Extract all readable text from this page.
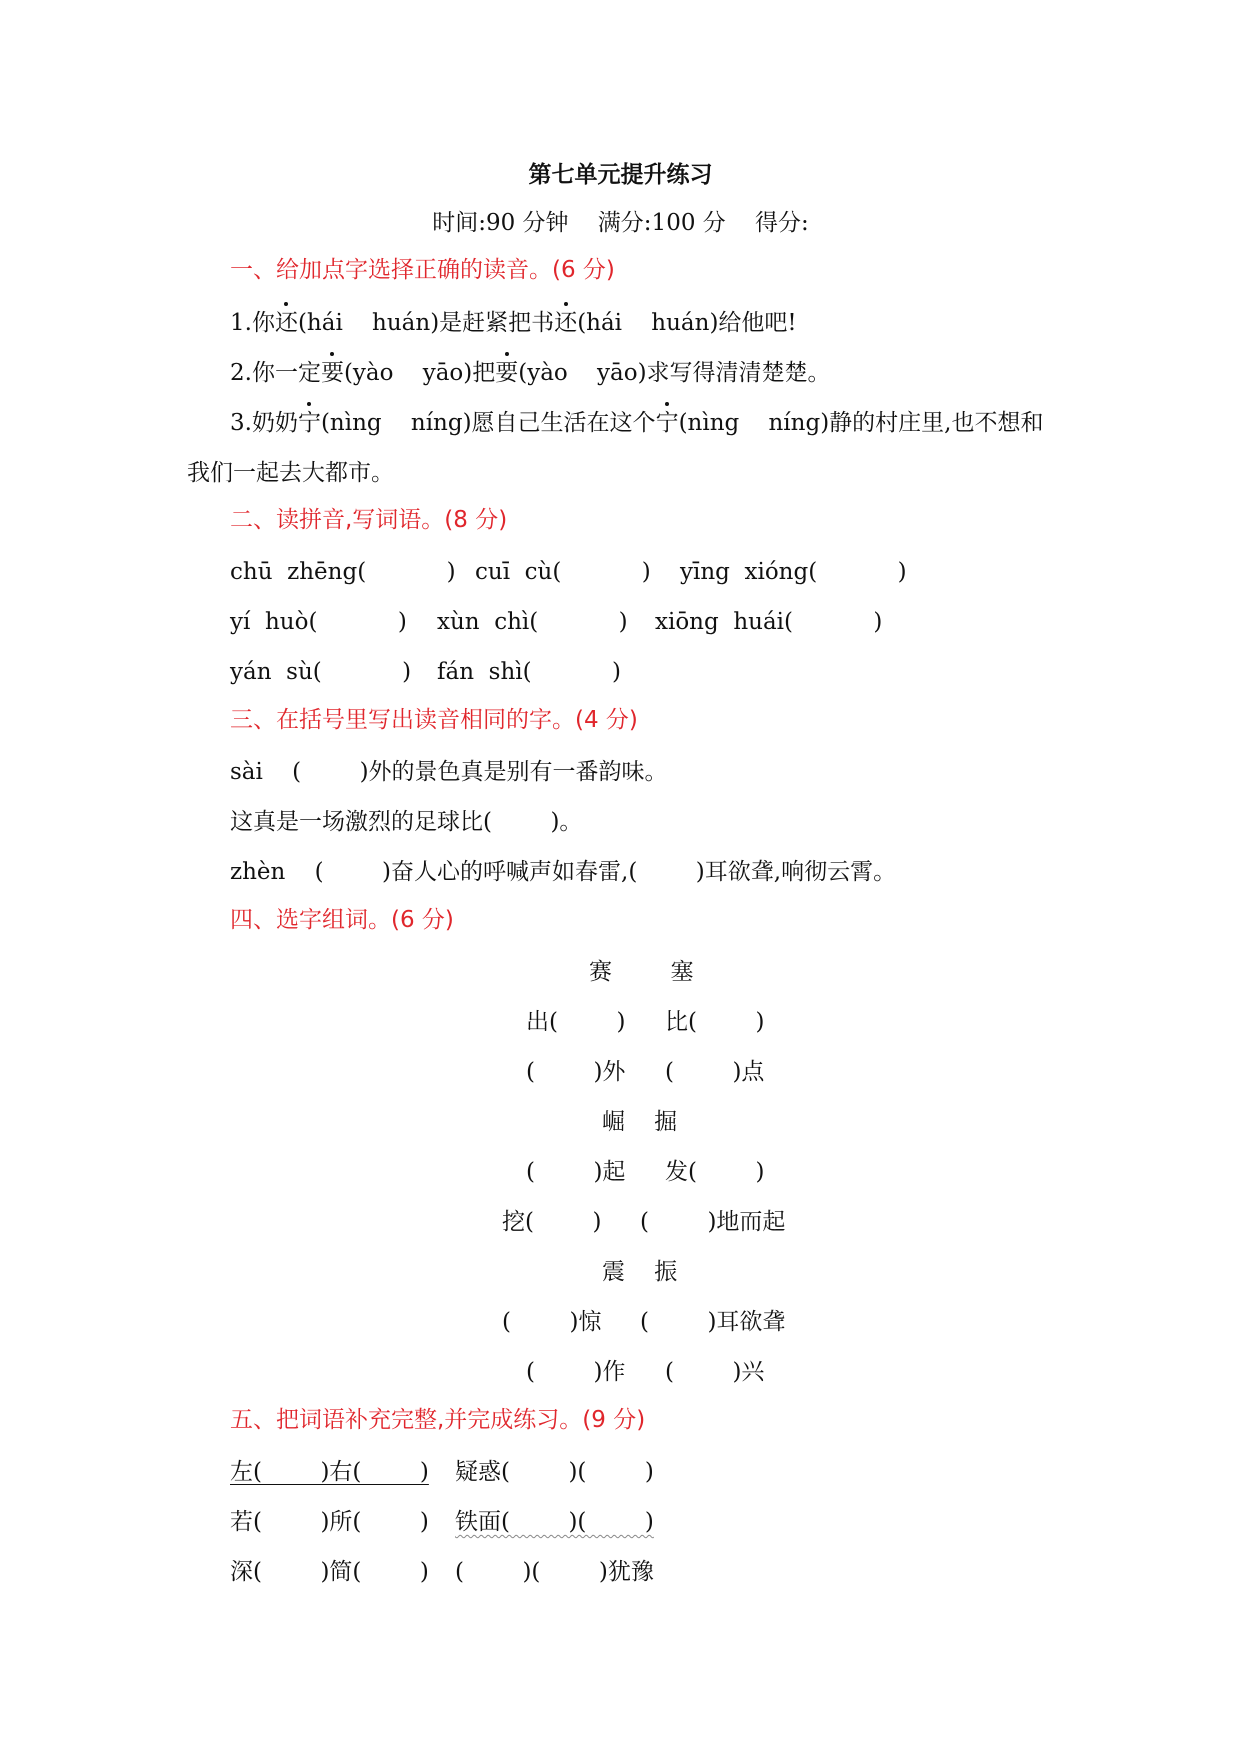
第七单元提升练习
时间:90 分钟    满分:100 分    得分:
一、给加点字选择正确的读音。(6 分)
1.你还(hái    huán)是赶紧把书还(hái    huán)给他吧!
2.你一定要(yào    yāo)把要(yào    yāo)求写得清清楚楚。
3.奶奶宁(nìng    níng)愿自己生活在这个宁(nìng    níng)静的村庄里,也不想和
我们一起去大都市。
二、读拼音,写词语。(8 分)
chū  zhēng(           ) cuī  cù(           ) yīng  xióng(           )
yí  huò(           ) xùn  chì(           ) xiōng  huái(           )
yán  sù(           ) fán  shì(           )
三、在括号里写出读音相同的字。(4 分)
sài    (        )外的景色真是别有一番韵味。
这真是一场激烈的足球比(        )。
zhèn    (        )奋人心的呼喊声如春雷,(        )耳欲聋,响彻云霄。
四、选字组词。(6 分)
赛        塞
出(        ) 比(        )
(        )外 (        )点
崛    掘
(        )起 发(        )
挖(        ) (        )地而起
震    振
(        )惊 (        )耳欲聋
(        )作 (        )兴
五、把词语补充完整,并完成练习。(9 分)
左(        )右(        ) 疑惑(        )(        )
若(        )所(        ) 铁面(        )(        )
深(        )简(        ) (        )(        )犹豫
